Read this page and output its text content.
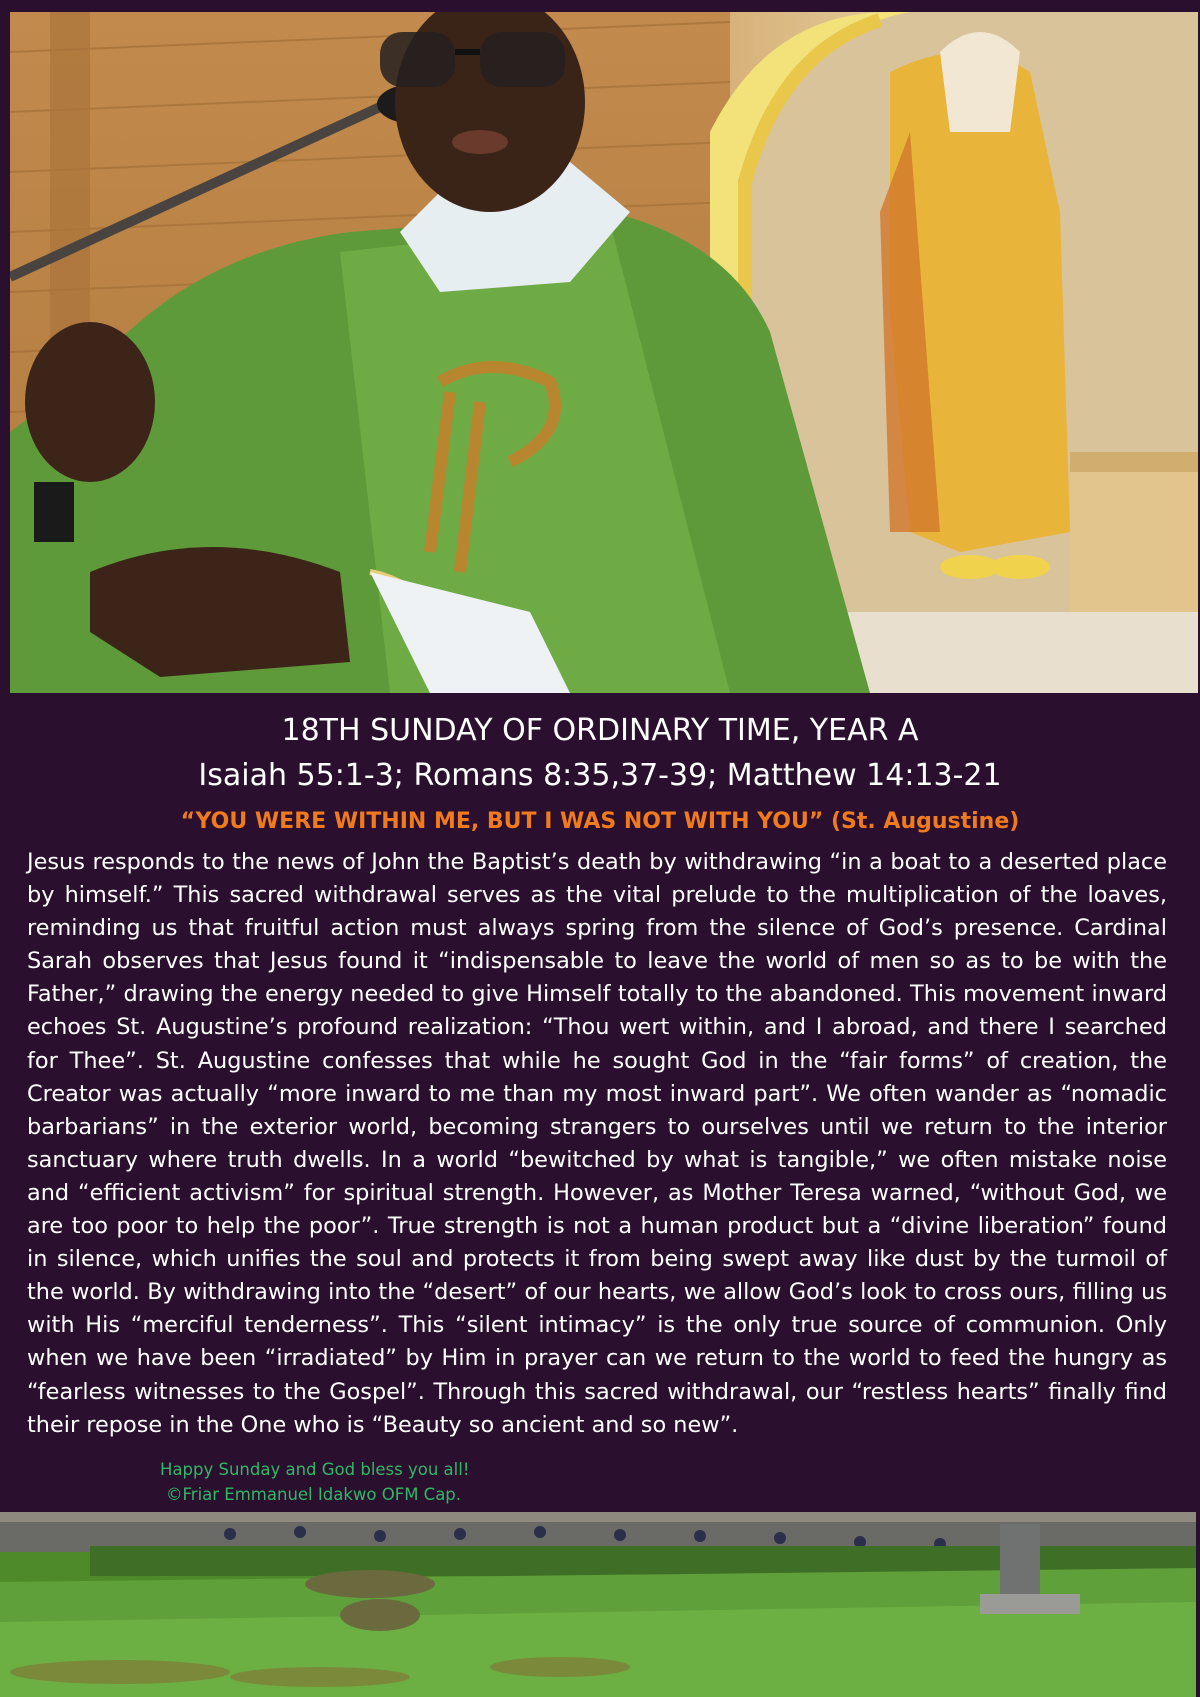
18TH SUNDAY OF ORDINARY TIME, YEAR A
Isaiah 55:1-3; Romans 8:35,37-39; Matthew 14:13-21
“YOU WERE WITHIN ME, BUT I WAS NOT WITH YOU” (St. Augustine)

Jesus responds to the news of John the Baptist’s death by withdrawing “in a boat to a deserted place by himself.” This sacred withdrawal serves as the vital prelude to the multiplication of the loaves, reminding us that fruitful action must always spring from the silence of God’s presence. Cardinal Sarah observes that Jesus found it “indispensable to leave the world of men so as to be with the Father,” drawing the energy needed to give Himself totally to the abandoned. This movement inward echoes St. Augustine’s profound realization: “Thou wert within, and I abroad, and there I searched for Thee”. St. Augustine confesses that while he sought God in the “fair forms” of creation, the Creator was actually “more inward to me than my most inward part”. We often wander as “nomadic barbarians” in the exterior world, becoming strangers to ourselves until we return to the interior sanctuary where truth dwells. In a world “bewitched by what is tangible,” we often mistake noise and “efficient activism” for spiritual strength. However, as Mother Teresa warned, “without God, we are too poor to help the poor”. True strength is not a human product but a “divine liberation” found in silence, which unifies the soul and protects it from being swept away like dust by the turmoil of the world. By withdrawing into the “desert” of our hearts, we allow God’s look to cross ours, filling us with His “merciful tenderness”. This “silent intimacy” is the only true source of communion. Only when we have been “irradiated” by Him in prayer can we return to the world to feed the hungry as “fearless witnesses to the Gospel”. Through this sacred withdrawal, our “restless hearts” finally find their repose in the One who is “Beauty so ancient and so new”.

Happy Sunday and God bless you all!
©Friar Emmanuel Idakwo OFM Cap.
